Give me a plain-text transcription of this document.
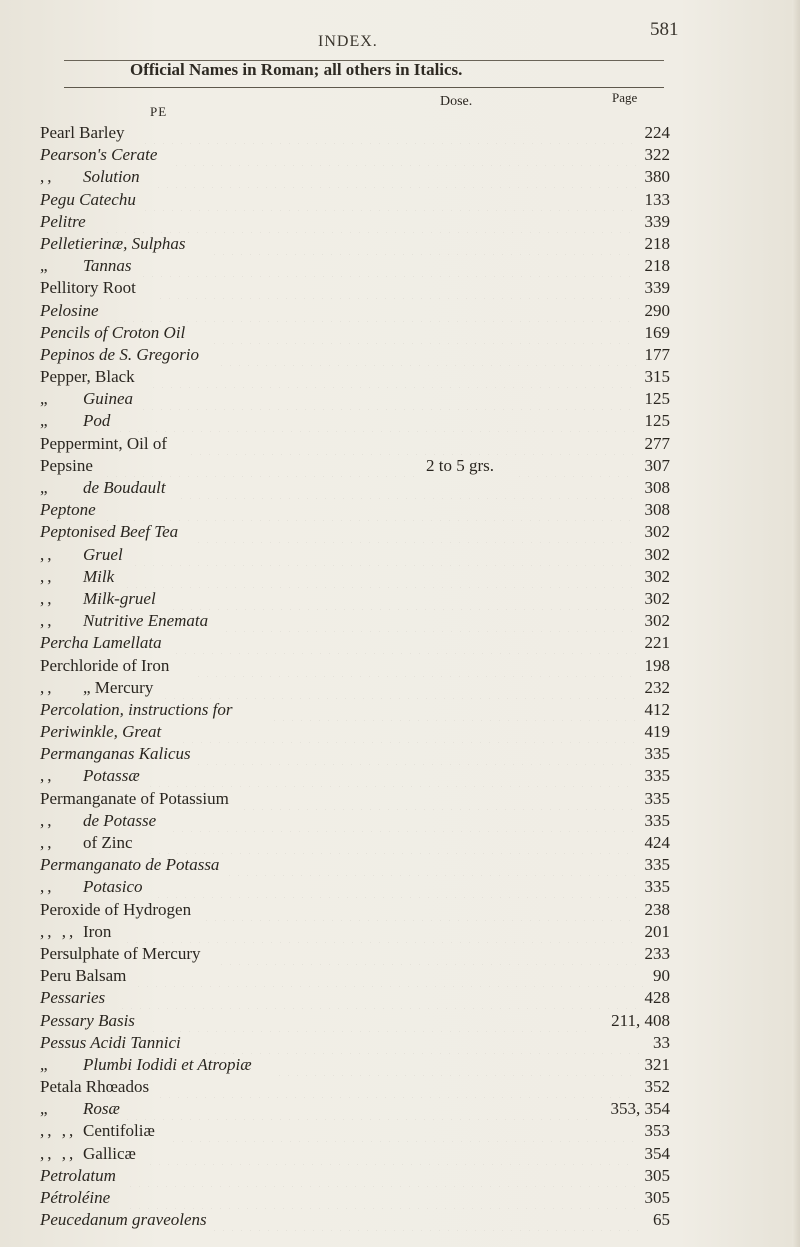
INDEX.
581
Official Names in Roman; all others in Italics.
PE
Dose.	Page
Pearl Barley	224
Pearson's Cerate	322
,, Solution	380
Pegu Catechu	133
Pelitre	339
Pelletierinæ, Sulphas	218
„ Tannas	218
Pellitory Root	339
Pelosine	290
Pencils of Croton Oil	169
Pepinos de S. Gregorio	177
Pepper, Black	315
„ Guinea	125
„ Pod	125
Peppermint, Oil of	277
Pepsine	2 to 5 grs.	307
„ de Boudault	308
Peptone	308
Peptonised Beef Tea	302
,, Gruel	302
,, Milk	302
,, Milk-gruel	302
,, Nutritive Enemata	302
Percha Lamellata	221
Perchloride of Iron	198
,, „ Mercury	232
Percolation, instructions for	412
Periwinkle, Great	419
Permanganas Kalicus	335
,, Potassæ	335
Permanganate of Potassium	335
,, de Potasse	335
,, of Zinc	424
Permanganato de Potassa	335
,, Potasico	335
Peroxide of Hydrogen	238
,, ,, Iron	201
Persulphate of Mercury	233
Peru Balsam	90
Pessaries	428
Pessary Basis	211, 408
Pessus Acidi Tannici	33
„ Plumbi Iodidi et Atropiæ	321
Petala Rhœados	352
„ Rosæ	353, 354
,, ,, Centifoliæ	353
,, ,, Gallicæ	354
Petrolatum	305
Pétroléine	305
Peucedanum graveolens	65
